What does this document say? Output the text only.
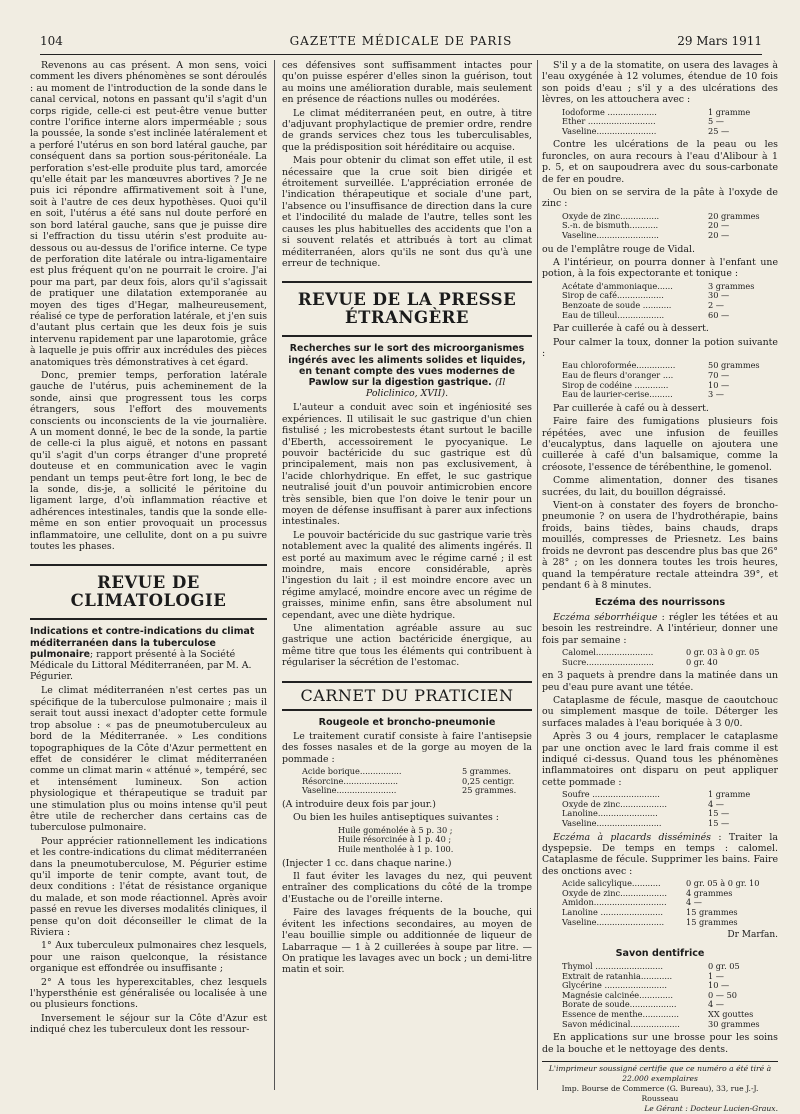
104	GAZETTE MÉDICALE DE PARIS	29 Mars 1911

Revenons au cas présent. A mon sens, voici comment les divers phénomènes se sont déroulés : au moment de l'introduction de la sonde dans le canal cervical, notons en passant qu'il s'agit d'un corps rigide, celle-ci est peut-être venue butter contre l'orifice interne alors imperméable ; sous la poussée, la sonde s'est inclinée latéralement et a perforé l'utérus en son bord latéral gauche, par conséquent dans sa portion sous-péritonéale. La perforation s'est-elle produite plus tard, amorcée qu'elle était par les manœuvres abortives ? Je ne puis ici répondre affirmativement soit à l'une, soit à l'autre de ces deux hypothèses. Quoi qu'il en soit, l'utérus a été sans nul doute perforé en son bord latéral gauche, sans que je puisse dire si l'effraction du tissu utérin s'est produite au-dessous ou au-dessus de l'orifice interne. Ce type de perforation dite latérale ou intra-ligamentaire est plus fréquent qu'on ne pourrait le croire. J'ai pour ma part, par deux fois, alors qu'il s'agissait de pratiquer une dilatation extemporanée au moyen des tiges d'Hegar, malheureusement, réalisé ce type de perforation latérale, et j'en suis d'autant plus certain que les deux fois je suis intervenu rapidement par une laparotomie, grâce à laquelle je puis offrir aux incrédules des pièces anatomiques très démonstratives à cet égard.

Donc, premier temps, perforation latérale gauche de l'utérus, puis acheminement de la sonde, ainsi que progressent tous les corps étrangers, sous l'effort des mouvements conscients ou inconscients de la vie journalière. A un moment donné, le bec de la sonde, la partie de celle-ci la plus aiguë, et notons en passant qu'il s'agit d'un corps étranger d'une propreté douteuse et en communication avec le vagin pendant un temps peut-être fort long, le bec de la sonde, dis-je, a sollicité le péritoine du ligament large, d'où inflammation réactive et adhérences intestinales, tandis que la sonde elle-même en son entier provoquait un processus inflammatoire, une cellulite, dont on a pu suivre toutes les phases.

REVUE DE CLIMATOLOGIE
Indications et contre-indications du climat méditerranéen dans la tuberculose pulmonaire; rapport présenté à la Société Médicale du Littoral Méditerranéen, par M. A. Pégurier.

Le climat méditerranéen n'est certes pas un spécifique de la tuberculose pulmonaire ; mais il serait tout aussi inexact d'adopter cette formule trop absolue : « pas de pneumotuberculeux au bord de la Méditerranée. » Les conditions topographiques de la Côte d'Azur permettent en effet de considérer le climat méditerranéen comme un climat marin « atténué », tempéré, sec et intensément lumineux. Son action physiologique et thérapeutique se traduit par une stimulation plus ou moins intense qu'il peut être utile de rechercher dans certains cas de tuberculose pulmonaire.

Pour apprécier rationnellement les indications et les contre-indications du climat méditerranéen dans la pneumotuberculose, M. Pégurier estime qu'il importe de tenir compte, avant tout, de deux conditions : l'état de résistance organique du malade, et son mode réactionnel. Après avoir passé en revue les diverses modalités cliniques, il pense qu'on doit déconseiller le climat de la Riviera :

1° Aux tuberculeux pulmonaires chez lesquels, pour une raison quelconque, la résistance organique est effondrée ou insuffisante ;

2° A tous les hyperexcitables, chez lesquels l'hypersthénie est généralisée ou localisée à une ou plusieurs fonctions.

Inversement le séjour sur la Côte d'Azur est indiqué chez les tuberculeux dont les ressour-

ces défensives sont suffisamment intactes pour qu'on puisse espérer d'elles sinon la guérison, tout au moins une amélioration durable, mais seulement en présence de réactions nulles ou modérées.

Le climat méditerranéen peut, en outre, à titre d'adjuvant prophylactique de premier ordre, rendre de grands services chez tous les tuberculisables, que la prédisposition soit héréditaire ou acquise.

Mais pour obtenir du climat son effet utile, il est nécessaire que la crue soit bien dirigée et étroitement surveillée. L'appréciation erronée de l'indication thérapeutique et sociale d'une part, l'absence ou l'insuffisance de direction dans la cure et l'indocilité du malade de l'autre, telles sont les causes les plus habituelles des accidents que l'on a si souvent relatés et attribués à tort au climat méditerranéen, alors qu'ils ne sont dus qu'à une erreur de technique.

REVUE DE LA PRESSE ÉTRANGÈRE
Recherches sur le sort des microorganismes ingérés avec les aliments solides et liquides, en tenant compte des vues modernes de Pawlow sur la digestion gastrique. (Il Policlinico, XVII).

L'auteur a conduit avec soin et ingéniosité ses expériences. Il utilisait le suc gastrique d'un chien fistulisé ; les microbestests étant surtout le bacille d'Eberth, accessoirement le pyocyanique. Le pouvoir bactéricide du suc gastrique est dû principalement, mais non pas exclusivement, à l'acide chlorhydrique. En effet, le suc gastrique neutralisé jouit d'un pouvoir antimicrobien encore très sensible, bien que l'on doive le tenir pour un moyen de défense insuffisant à parer aux infections intestinales.

Le pouvoir bactéricide du suc gastrique varie très notablement avec la qualité des aliments ingérés. Il est porté au maximum avec le régime carné ; il est moindre, mais encore considérable, après l'ingestion du lait ; il est moindre encore avec un régime amylacé, moindre encore avec un régime de graisses, minime enfin, sans être absolument nul cependant, avec une diète hydrique.

Une alimentation agréable assure au suc gastrique une action bactéricide énergique, au même titre que tous les éléments qui contribuent à régulariser la sécrétion de l'estomac.

CARNET DU PRATICIEN
Rougeole et broncho-pneumonie

Le traitement curatif consiste à faire l'antisepsie des fosses nasales et de la gorge au moyen de la pommade :

Acide borique................	5 grammes.
Résorcine.....................	0,25 centigr.
Vaseline.......................	25 grammes.

(A introduire deux fois par jour.)

Ou bien les huiles antiseptiques suivantes :

Huile goménolée à 5 p. 30 ;
Huile résorcinée à 1 p. 40 ;
Huile mentholée à 1 p. 100.

(Injecter 1 cc. dans chaque narine.)

Il faut éviter les lavages du nez, qui peuvent entraîner des complications du côté de la trompe d'Eustache ou de l'oreille interne.

Faire des lavages fréquents de la bouche, qui évitent les infections secondaires, au moyen de l'eau bouillie simple ou additionnée de liqueur de Labarraque — 1 à 2 cuillerées à soupe par litre. — On pratique les lavages avec un bock ; un demi-litre matin et soir.

S'il y a de la stomatite, on usera des lavages à l'eau oxygénée à 12 volumes, étendue de 10 fois son poids d'eau ; s'il y a des ulcérations des lèvres, on les attouchera avec :

Iodoforme ...................	1 gramme
Ether ..........................	5 —
Vaseline.......................	25 —

Contre les ulcérations de la peau ou les furoncles, on aura recours à l'eau d'Alibour à 1 p. 5, et on saupoudrera avec du sous-carbonate de fer en poudre.

Ou bien on se servira de la pâte à l'oxyde de zinc :

Oxyde de zinc...............	20 grammes
S.-n. de bismuth...........	20 —
Vaseline........................	20 —

ou de l'emplâtre rouge de Vidal.

A l'intérieur, on pourra donner à l'enfant une potion, à la fois expectorante et tonique :

Acétate d'ammoniaque......	3 grammes
Sirop de café..................	30 —
Benzoate de soude ...........	2 —
Eau de tilleul..................	60 —

Par cuillerée à café ou à dessert.

Pour calmer la toux, donner la potion suivante :

Eau chloroformée...............	50 grammes
Eau de fleurs d'oranger ....	70 —
Sirop de codéine .............	10 —
Eau de laurier-cerise.........	3 —

Par cuillerée à café ou à dessert.

Faire faire des fumigations plusieurs fois répétées, avec une infusion de feuilles d'eucalyptus, dans laquelle on ajoutera une cuillerée à café d'un balsamique, comme la créosote, l'essence de térébenthine, le gomenol.

Comme alimentation, donner des tisanes sucrées, du lait, du bouillon dégraissé.

Vient-on à constater des foyers de broncho-pneumonie ? on usera de l'hydrothérapie, bains froids, bains tièdes, bains chauds, draps mouillés, compresses de Priesnetz. Les bains froids ne devront pas descendre plus bas que 26° à 28° ; on les donnera toutes les trois heures, quand la température rectale atteindra 39°, et pendant 6 à 8 minutes.

Eczéma des nourrissons

Eczéma séborrhéique : régler les tétées et au besoin les restreindre. A l'intérieur, donner une fois par semaine :

Calomel......................	0 gr. 03 à 0 gr. 05
Sucre..........................	0 gr. 40

en 3 paquets à prendre dans la matinée dans un peu d'eau pure avant une tétée.

Cataplasme de fécule, masque de caoutchouc ou simplement masque de toile. Déterger les surfaces malades à l'eau boriquée à 3 0/0.

Après 3 ou 4 jours, remplacer le cataplasme par une onction avec le lard frais comme il est indiqué ci-dessus. Quand tous les phénomènes inflammatoires ont disparu on peut appliquer cette pommade :

Soufre ..........................	1 gramme
Oxyde de zinc..................	4 —
Lanoline.......................	15 —
Vaseline.........................	15 —

Eczéma à placards disséminés : Traiter la dyspepsie. De temps en temps : calomel. Cataplasme de fécule. Supprimer les bains. Faire des onctions avec :

Acide salicylique...........	0 gr. 05 à 0 gr. 10
Oxyde de zinc..................	4 grammes
Amidon............................	4 —
Lanoline ........................	15 grammes
Vaseline..........................	15 grammes
Dr Marfan.
Savon dentifrice
Thymol ..........................	0 gr. 05
Extrait de ratanhia............	1 —
Glycérine ........................	10 —
Magnésie calcinée.............	0 — 50
Borate de soude..................	4 —
Essence de menthe..............	XX gouttes
Savon médicinal...................	30 grammes

En applications sur une brosse pour les soins de la bouche et le nettoyage des dents.

L'imprimeur soussigné certifie que ce numéro a été tiré à 22.000 exemplaires
Imp. Bourse de Commerce (G. Bureau), 33, rue J.-J. Rousseau
Le Gérant : Docteur Lucien-Graux.
